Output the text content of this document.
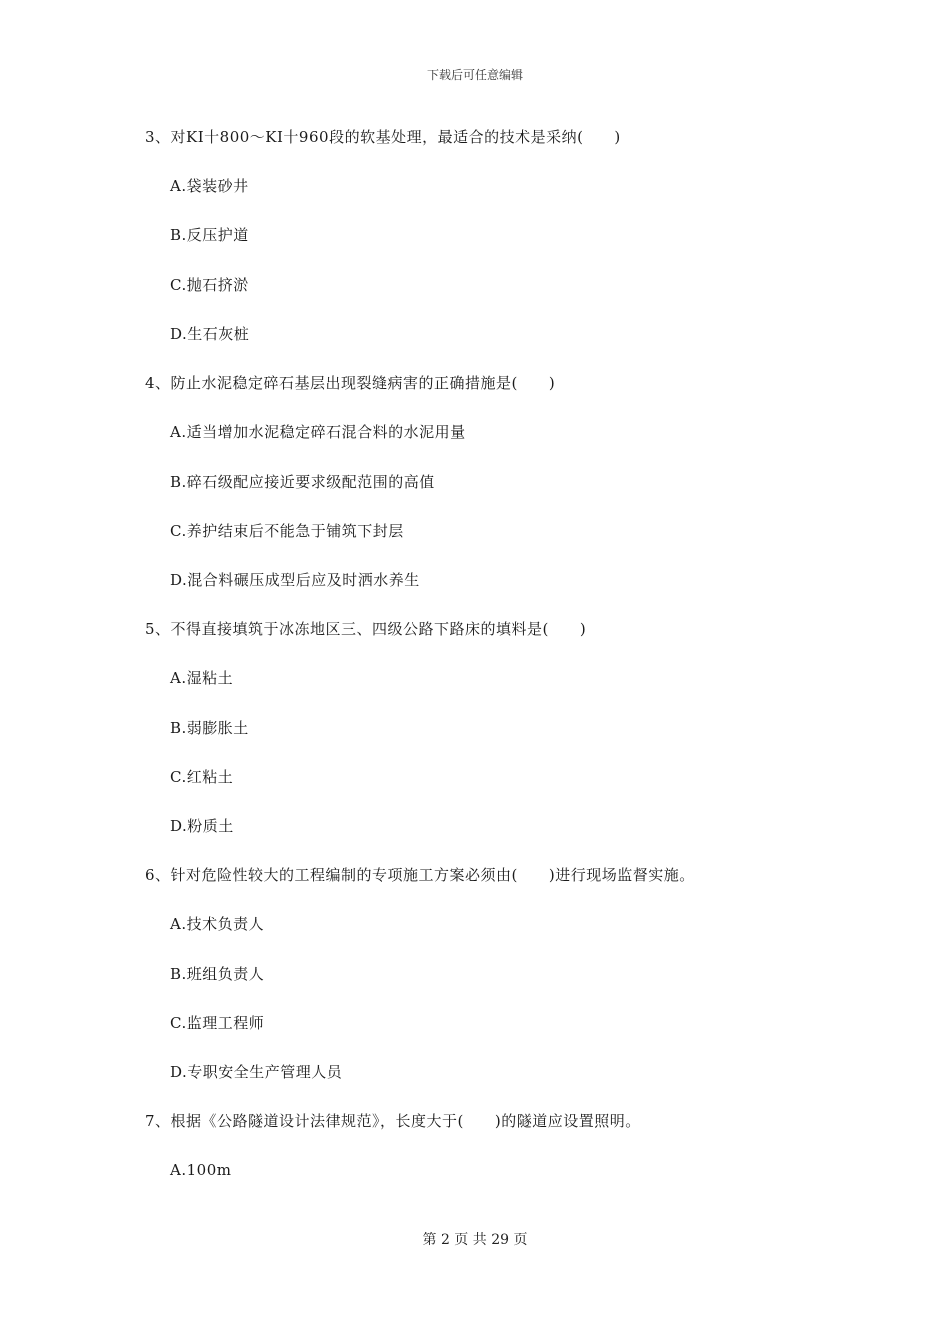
下载后可任意编辑
3、对KI十800～KI十960段的软基处理，最适合的技术是采纳(　　)
A.袋装砂井
B.反压护道
C.抛石挤淤
D.生石灰桩
4、防止水泥稳定碎石基层出现裂缝病害的正确措施是(　　)
A.适当增加水泥稳定碎石混合料的水泥用量
B.碎石级配应接近要求级配范围的高值
C.养护结束后不能急于铺筑下封层
D.混合料碾压成型后应及时洒水养生
5、不得直接填筑于冰冻地区三、四级公路下路床的填料是(　　)
A.湿粘土
B.弱膨胀土
C.红粘土
D.粉质土
6、针对危险性较大的工程编制的专项施工方案必须由(　　)进行现场监督实施。
A.技术负责人
B.班组负责人
C.监理工程师
D.专职安全生产管理人员
7、根据《公路隧道设计法律规范》，长度大于(　　)的隧道应设置照明。
A.100m
第 2 页 共 29 页
